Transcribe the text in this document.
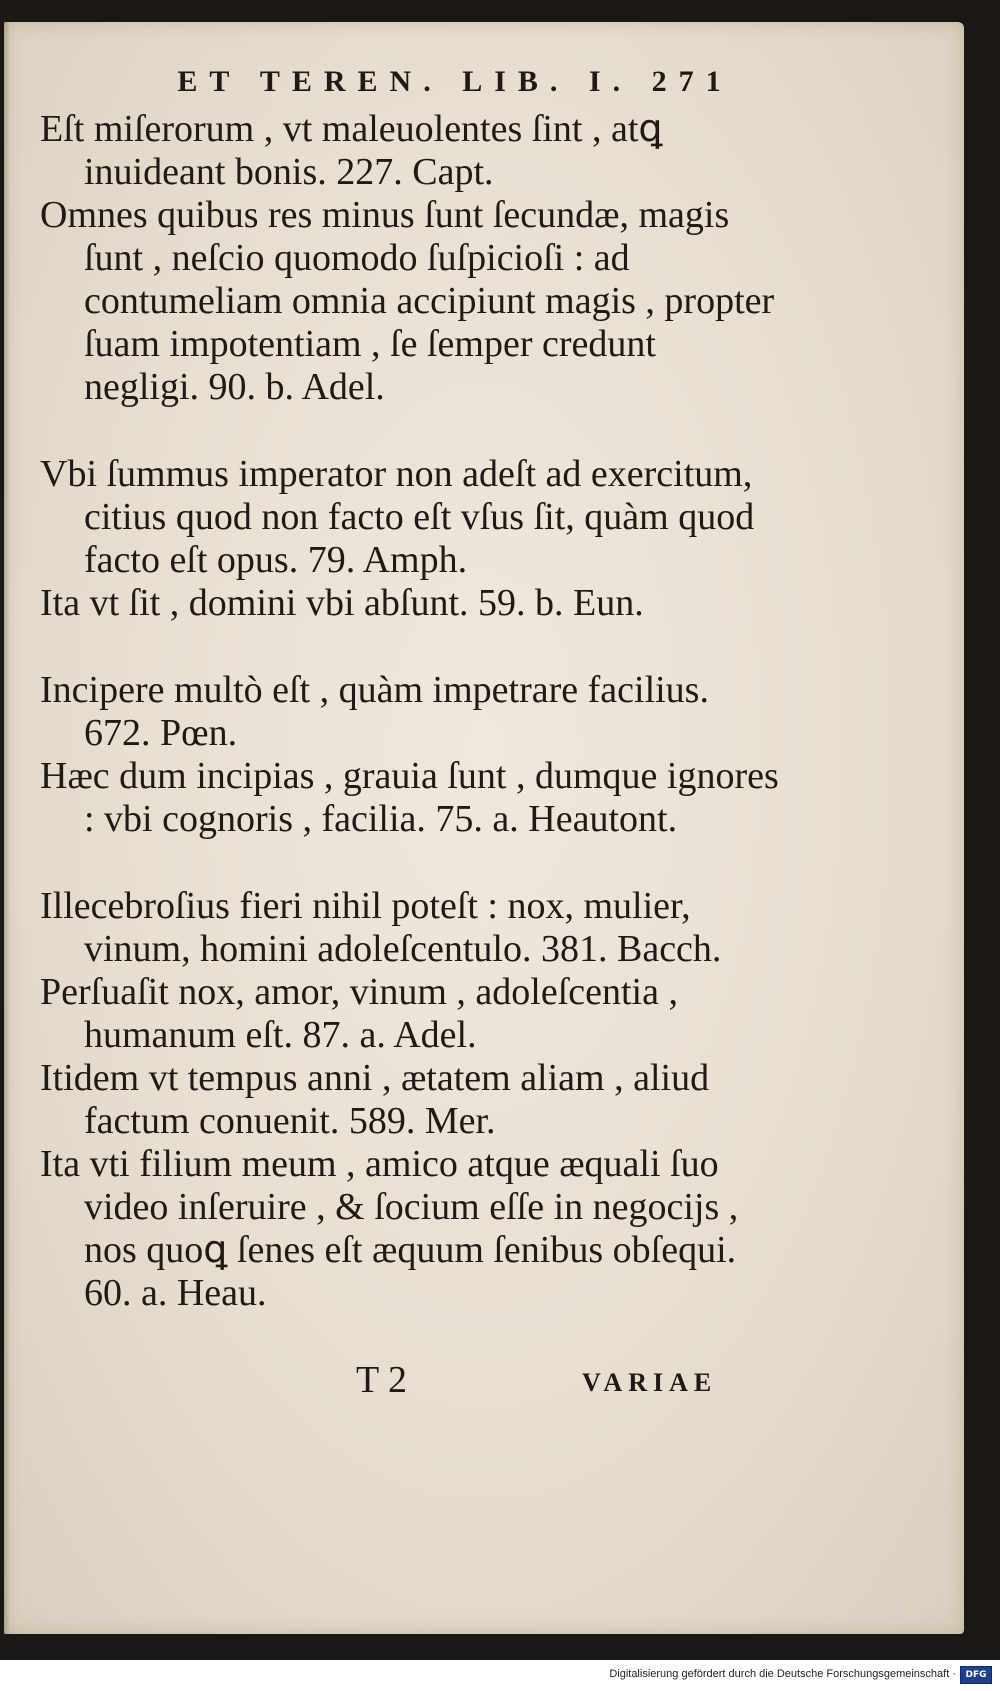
ET TEREN. LIB. I. 271

Eſt miſerorum , vt maleuolentes ſint , atꝗ inuideant bonis. 227. Capt.

Omnes quibus res minus ſunt ſecundæ, magis ſunt , neſcio quomodo ſuſpicioſi : ad contumeliam omnia accipiunt magis , propter ſuam impotentiam , ſe ſemper credunt negligi. 90. b. Adel.

Vbi ſummus imperator non adeſt ad exercitum, citius quod non facto eſt vſus ſit, quàm quod facto eſt opus. 79. Amph.

Ita vt ſit , domini vbi abſunt. 59. b. Eun.

Incipere multò eſt , quàm impetrare facilius. 672. Pœn.

Hæc dum incipias , grauia ſunt , dumque ignores : vbi cognoris , facilia. 75. a. Heautont.

Illecebroſius fieri nihil poteſt : nox, mulier, vinum, homini adoleſcentulo. 381. Bacch.

Perſuaſit nox, amor, vinum , adoleſcentia , humanum eſt. 87. a. Adel.

Itidem vt tempus anni , ætatem aliam , aliud factum conuenit. 589. Mer.

Ita vti filium meum , amico atque æquali ſuo video inſeruire , & ſocium eſſe in negocijs , nos quoꝗ ſenes eſt æquum ſenibus obſequi. 60. a. Heau.

T 2	VARIAE
Digitalisierung gefördert durch die Deutsche Forschungsgemeinschaft ·	DFG
